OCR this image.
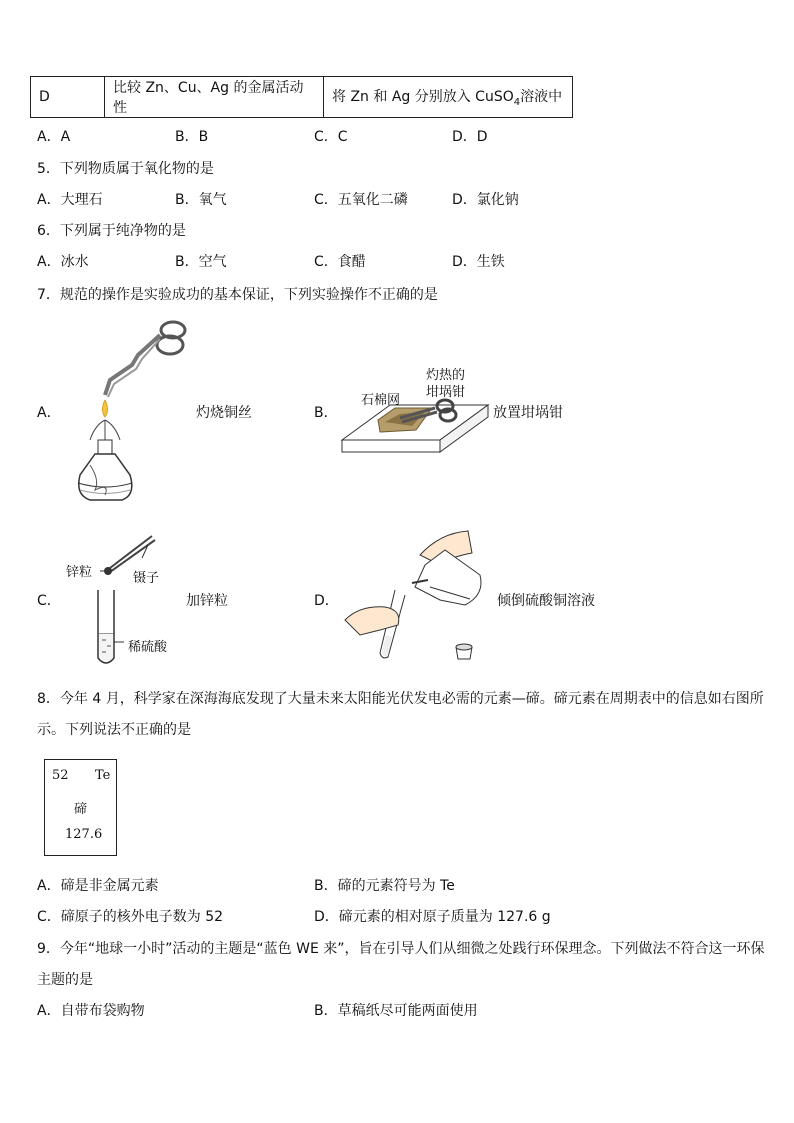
D	比较 Zn、Cu、Ag 的金属活动性	将 Zn 和 Ag 分别放入 CuSO$_4$溶液中
A．A	B．B	C．C	D．D
5．下列物质属于氧化物的是
A．大理石	B．氧气	C．五氧化二磷	D．氯化钠
6．下列属于纯净物的是
A．冰水	B．空气	C．食醋	D．生铁
7．规范的操作是实验成功的基本保证，下列实验操作不正确的是
A．	灼烧铜丝	B．
石棉网
灼热的
坩埚钳
放置坩埚钳
C．
锌粒	镊子
稀硫酸
加锌粒	D．	倾倒硫酸铜溶液
8．今年 4 月，科学家在深海海底发现了大量未来太阳能光伏发电必需的元素—碲。碲元素在周期表中的信息如右图所
示。下列说法不正确的是
52 Te
碲
127.6
A．碲是非金属元素	B．碲的元素符号为 Te
C．碲原子的核外电子数为 52	D．碲元素的相对原子质量为 127.6 g
9．今年“地球一小时”活动的主题是“蓝色 WE 来”，旨在引导人们从细微之处践行环保理念。下列做法不符合这一环保
主题的是
A．自带布袋购物	B．草稿纸尽可能两面使用
